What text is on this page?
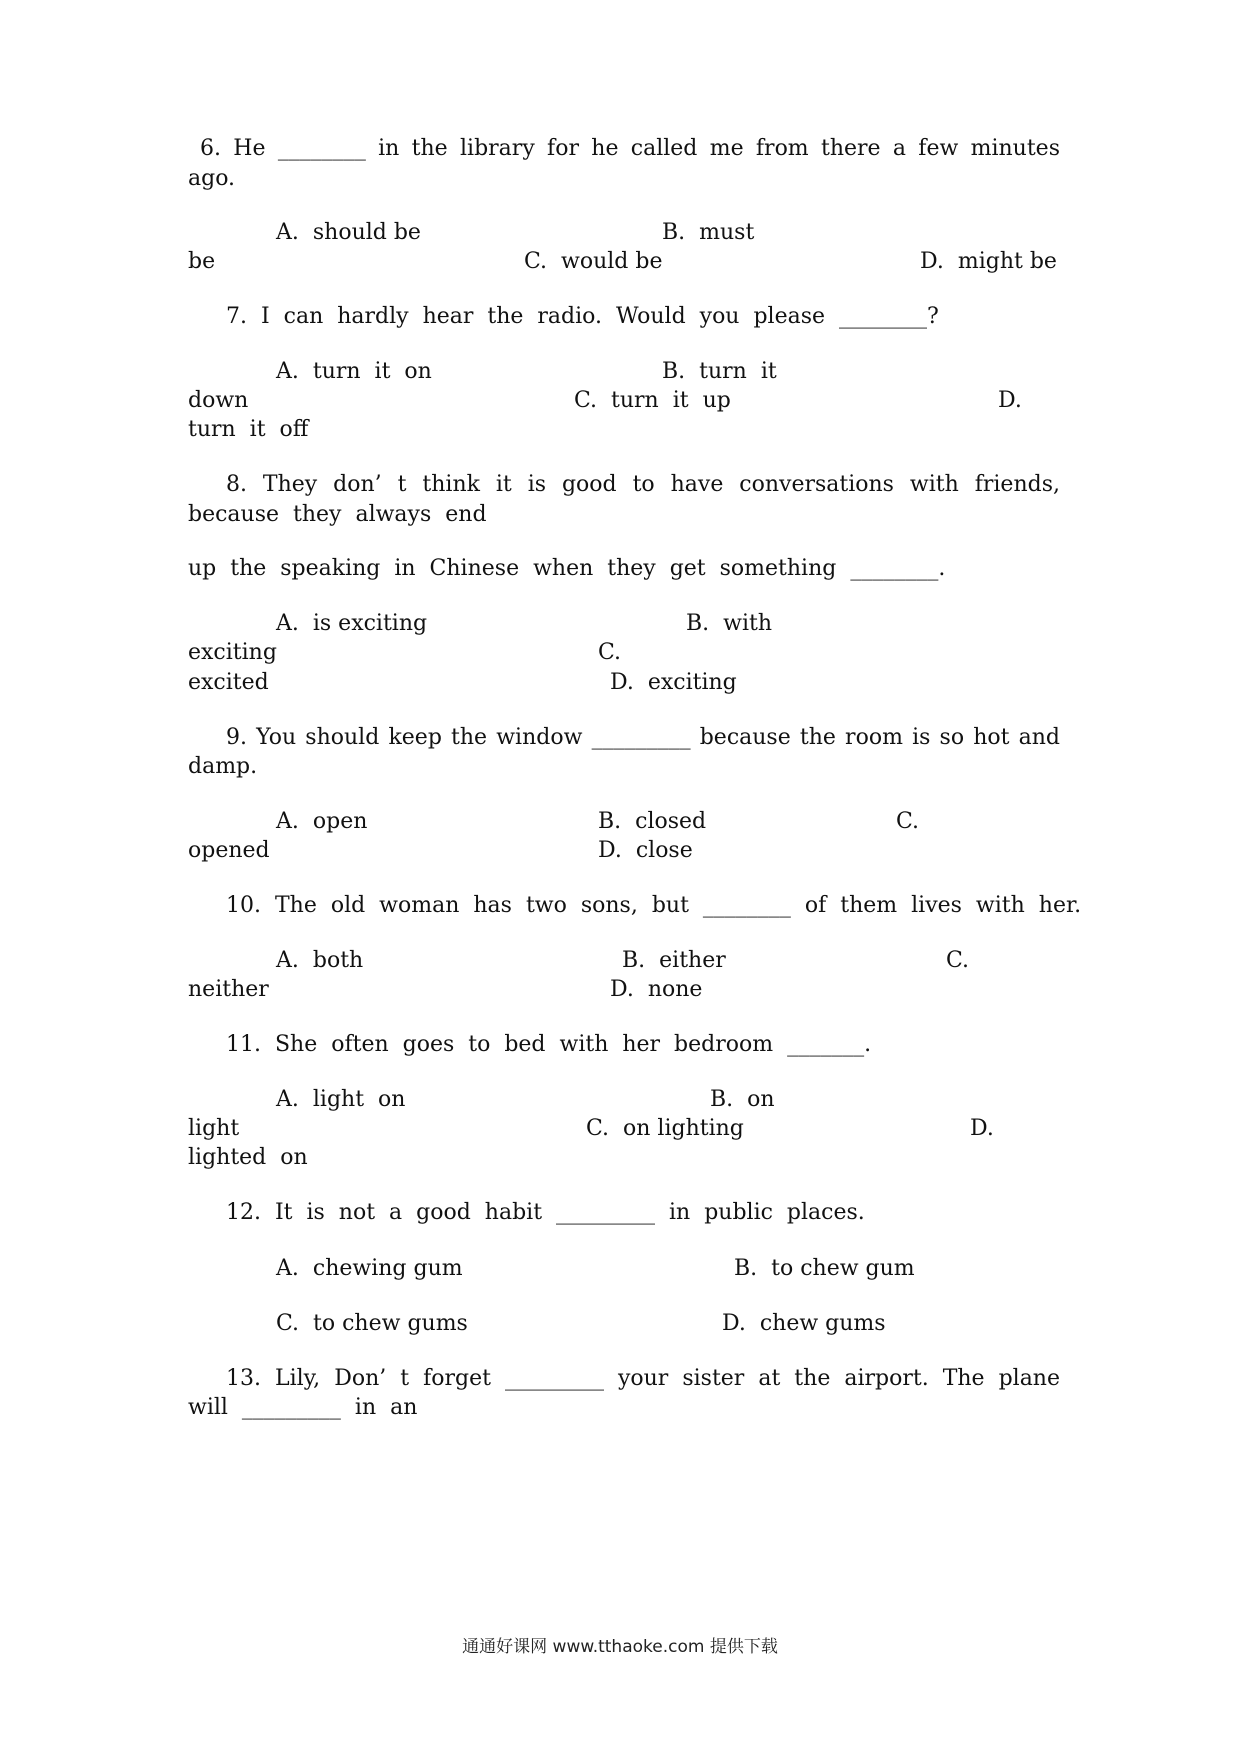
6. He ________ in the library for he called me from there a few minutes
ago.
A.  should be	B.  must
be	C.  would be	D.  might be
7.  I  can  hardly  hear  the  radio.  Would  you  please  ________?
A.  turn  it  on	B.  turn  it
down	C.  turn  it  up	D.
turn  it  off
8. They don’ t think it is good to have conversations with friends,
because  they  always  end
up  the  speaking  in  Chinese  when  they  get  something  ________.
A.  is exciting	B.  with
exciting	C.
excited	D.  exciting
9. You should keep the window _________ because the room is so hot and
damp.
A.  open	B.  closed	C.
opened	D.  close
10.  The  old  woman  has  two  sons,  but  ________  of  them  lives  with  her.
A.  both	B.  either	C.
neither	D.  none
11.  She  often  goes  to  bed  with  her  bedroom  _______.
A.  light  on	B.  on
light	C.  on lighting	D.
lighted  on
12.  It  is  not  a  good  habit  _________  in  public  places.
A.  chewing gum	B.  to chew gum
C.  to chew gums	D.  chew gums
13. Lily, Don’ t forget _________ your sister at the airport. The plane
will  _________  in  an
通通好课网 www.tthaoke.com 提供下载
